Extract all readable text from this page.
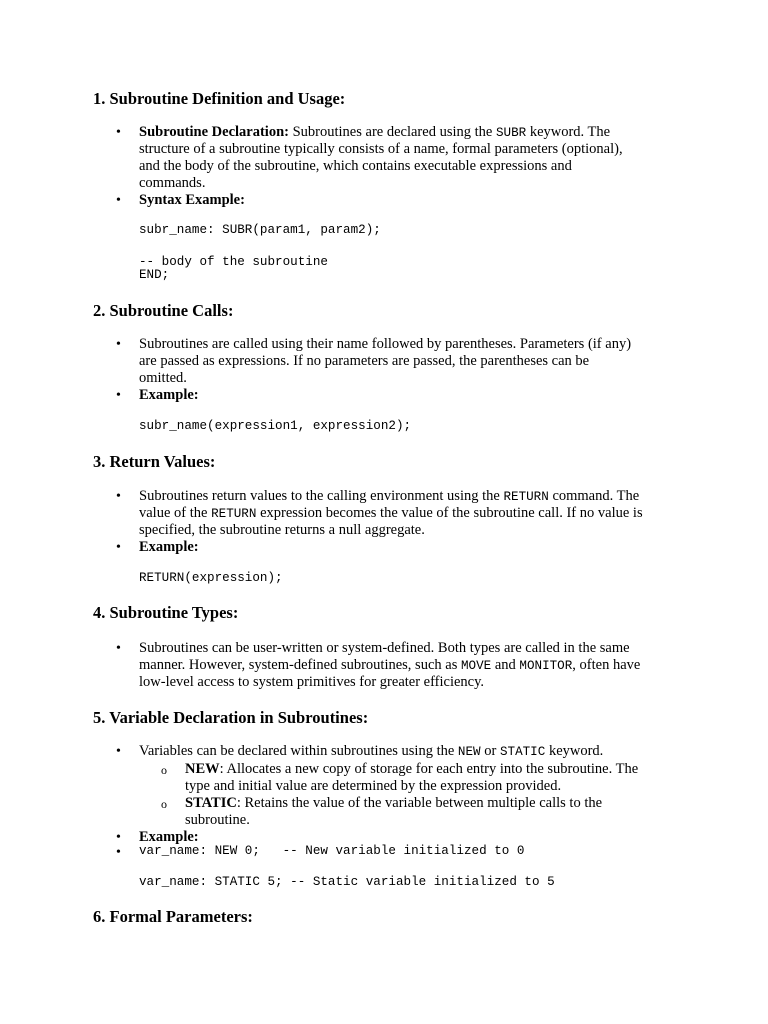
1. Subroutine Definition and Usage:
• Subroutine Declaration: Subroutines are declared using the SUBR keyword. The
structure of a subroutine typically consists of a name, formal parameters (optional),
and the body of the subroutine, which contains executable expressions and
commands.
• Syntax Example:
subr_name: SUBR(param1, param2);
-- body of the subroutine
END;
2. Subroutine Calls:
• Subroutines are called using their name followed by parentheses. Parameters (if any)
are passed as expressions. If no parameters are passed, the parentheses can be
omitted.
• Example:
subr_name(expression1, expression2);
3. Return Values:
• Subroutines return values to the calling environment using the RETURN command. The
value of the RETURN expression becomes the value of the subroutine call. If no value is
specified, the subroutine returns a null aggregate.
• Example:
RETURN(expression);
4. Subroutine Types:
• Subroutines can be user-written or system-defined. Both types are called in the same
manner. However, system-defined subroutines, such as MOVE and MONITOR, often have
low-level access to system primitives for greater efficiency.
5. Variable Declaration in Subroutines:
• Variables can be declared within subroutines using the NEW or STATIC keyword.
o NEW: Allocates a new copy of storage for each entry into the subroutine. The
type and initial value are determined by the expression provided.
o STATIC: Retains the value of the variable between multiple calls to the
subroutine.
• Example:
• var_name: NEW 0;   -- New variable initialized to 0
var_name: STATIC 5; -- Static variable initialized to 5
6. Formal Parameters:
